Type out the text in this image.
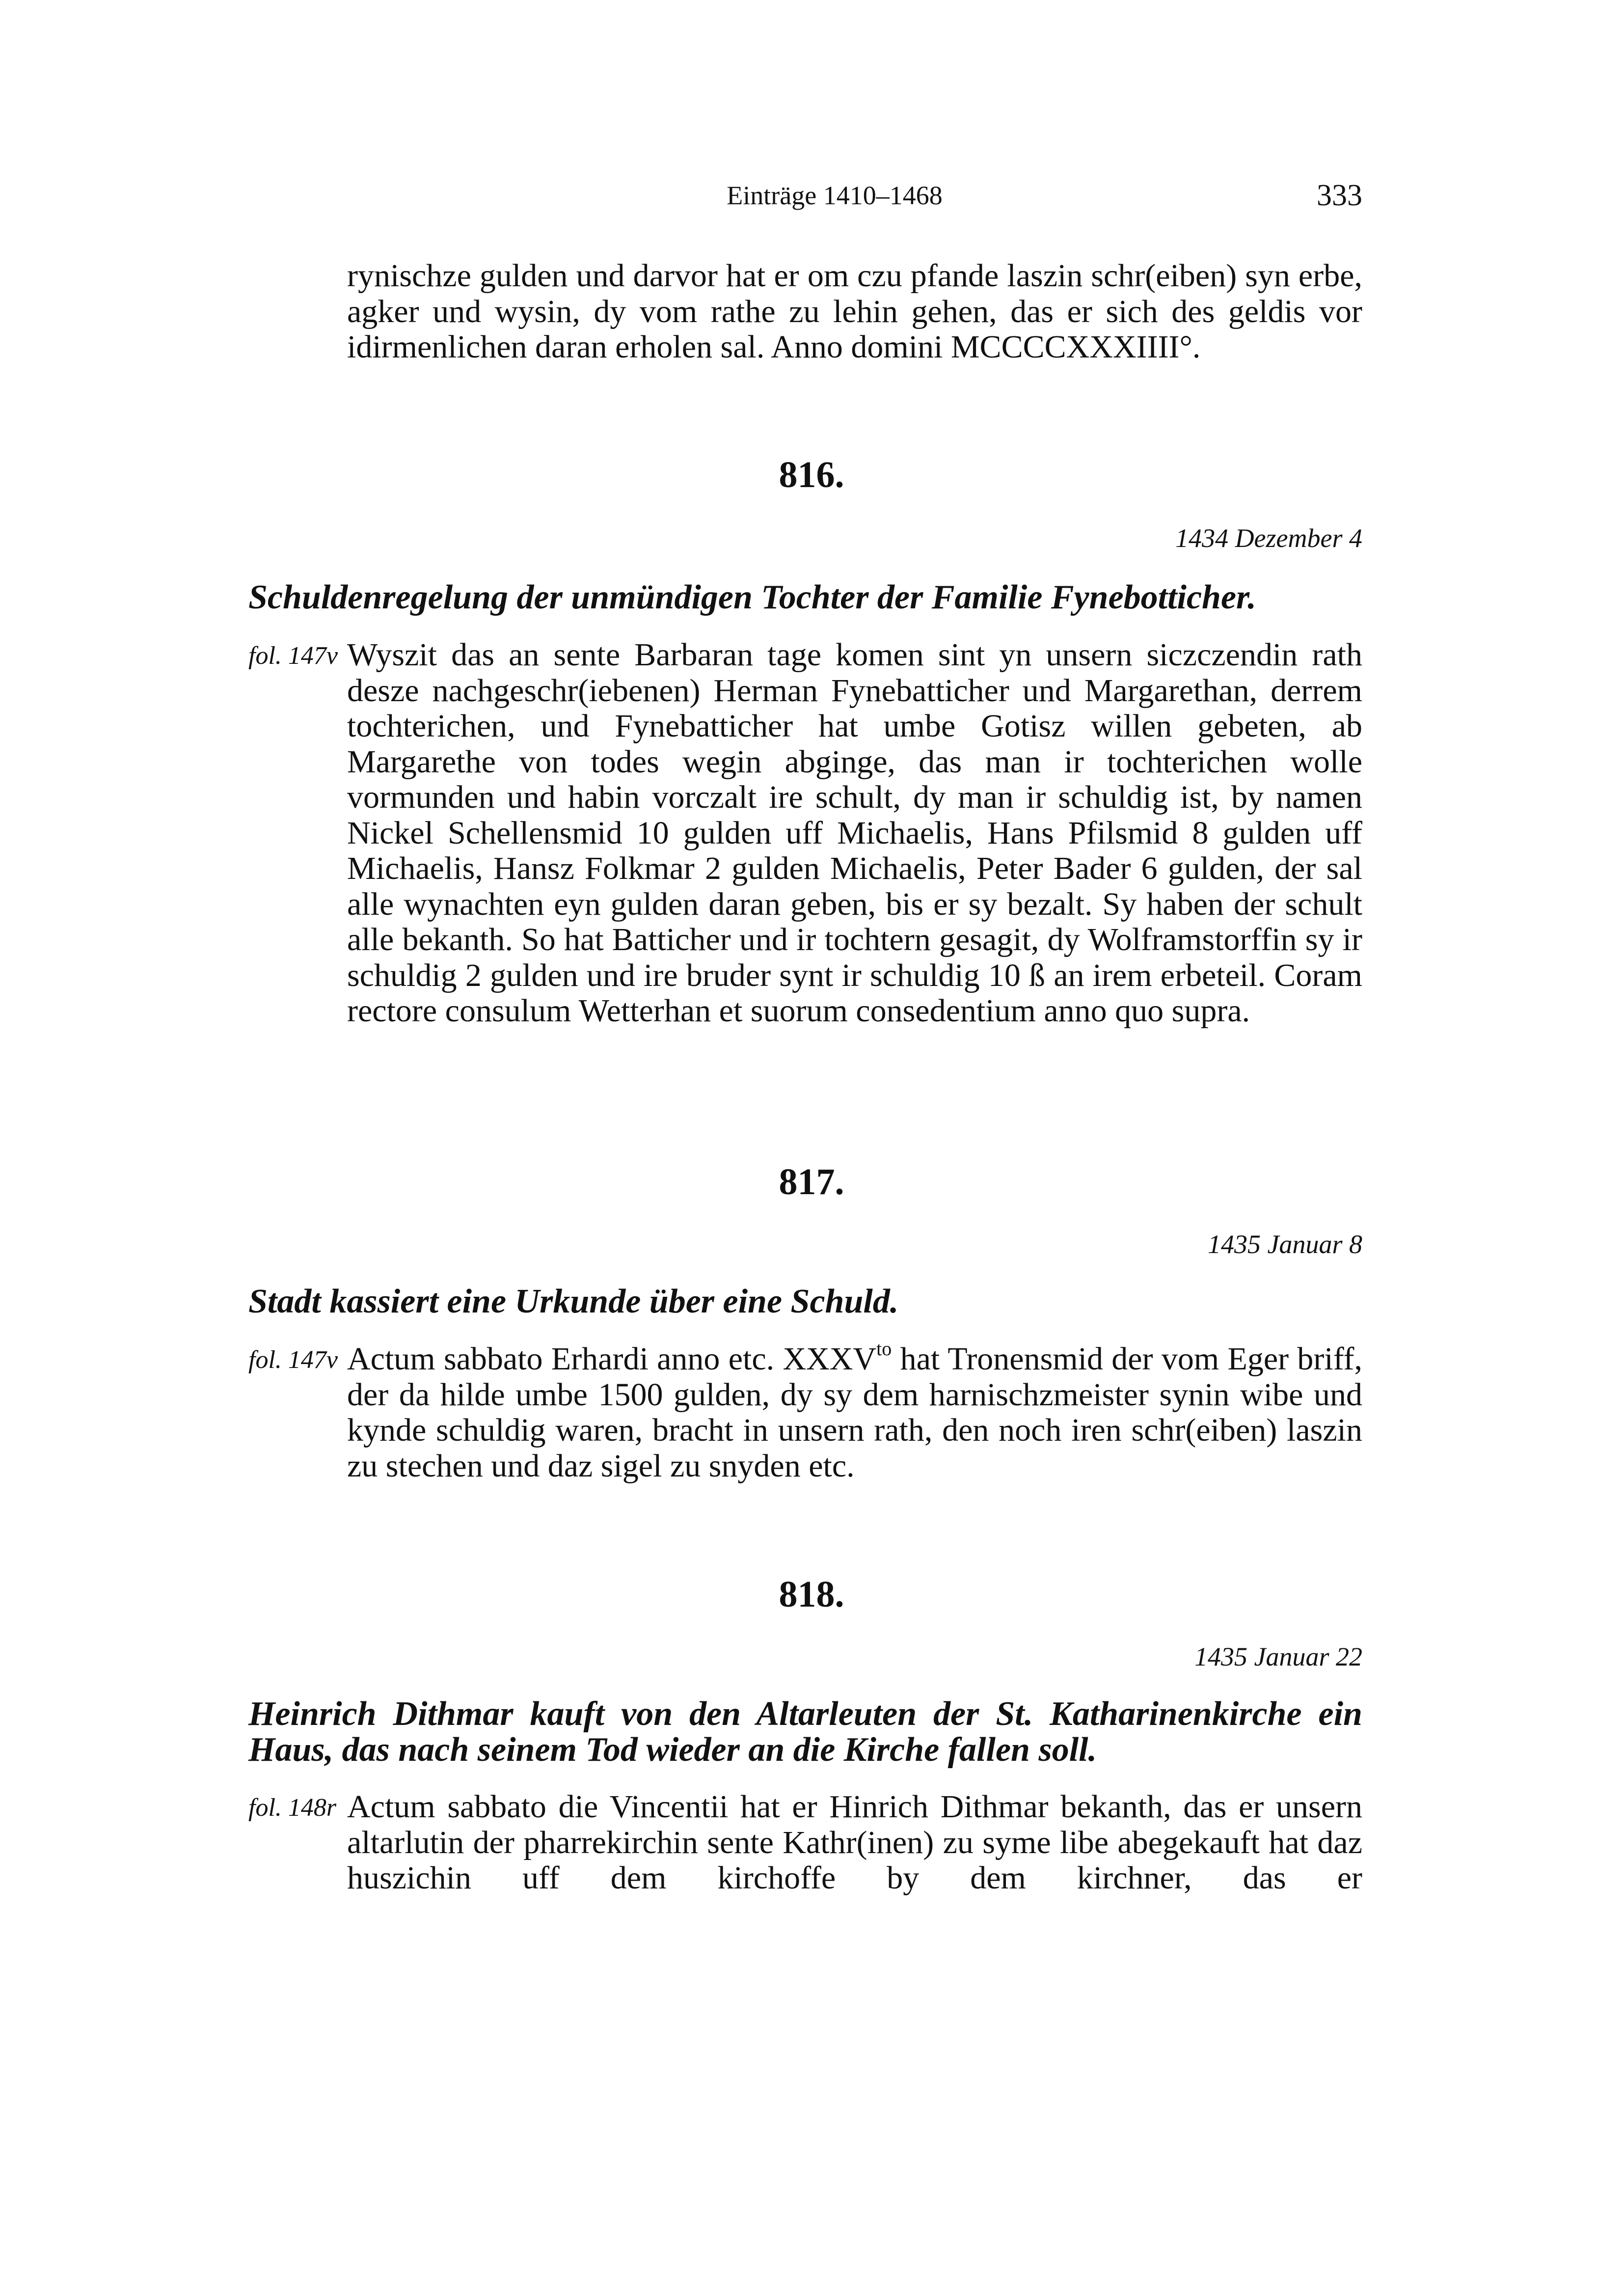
Einträge 1410–1468	333

rynischze gulden und darvor hat er om czu pfande laszin schr(eiben) syn erbe, agker und wysin, dy vom rathe zu lehin gehen, das er sich des geldis vor idirmenlichen daran erholen sal. Anno domini MCCCCXXXIIII°.

816.
1434 Dezember 4

Schuldenregelung der unmündigen Tochter der Familie Fynebotticher.

fol. 147v Wyszit das an sente Barbaran tage komen sint yn unsern siczczendin rath desze nachgeschr(iebenen) Herman Fynebatticher und Margarethan, derrem tochterichen, und Fynebatticher hat umbe Gotisz willen gebeten, ab Margarethe von todes wegin abginge, das man ir tochterichen wolle vormunden und habin vorczalt ire schult, dy man ir schuldig ist, by namen Nickel Schellensmid 10 gulden uff Michaelis, Hans Pfilsmid 8 gulden uff Michaelis, Hansz Folkmar 2 gulden Michaelis, Peter Bader 6 gulden, der sal alle wynachten eyn gulden daran geben, bis er sy bezalt. Sy haben der schult alle bekanth. So hat Batticher und ir tochtern gesagit, dy Wolframstorffin sy ir schuldig 2 gulden und ire bruder synt ir schuldig 10 ß an irem erbeteil. Coram rectore consulum Wetterhan et suorum consedentium anno quo supra.

817.
1435 Januar 8

Stadt kassiert eine Urkunde über eine Schuld.

fol. 147v Actum sabbato Erhardi anno etc. $XXXV^{to}$ hat Tronensmid der vom Eger briff, der da hilde umbe 1500 gulden, dy sy dem harnischzmeister synin wibe und kynde schuldig waren, bracht in unsern rath, den noch iren schr(eiben) laszin zu stechen und daz sigel zu snyden etc.

818.
1435 Januar 22

Heinrich Dithmar kauft von den Altarleuten der St. Katharinenkirche ein Haus, das nach seinem Tod wieder an die Kirche fallen soll.

fol. 148r Actum sabbato die Vincentii hat er Hinrich Dithmar bekanth, das er unsern altarlutin der pharrekirchin sente Kathr(inen) zu syme libe abegekauft hat daz huszichin uff dem kirchoffe by dem kirchner, das er
